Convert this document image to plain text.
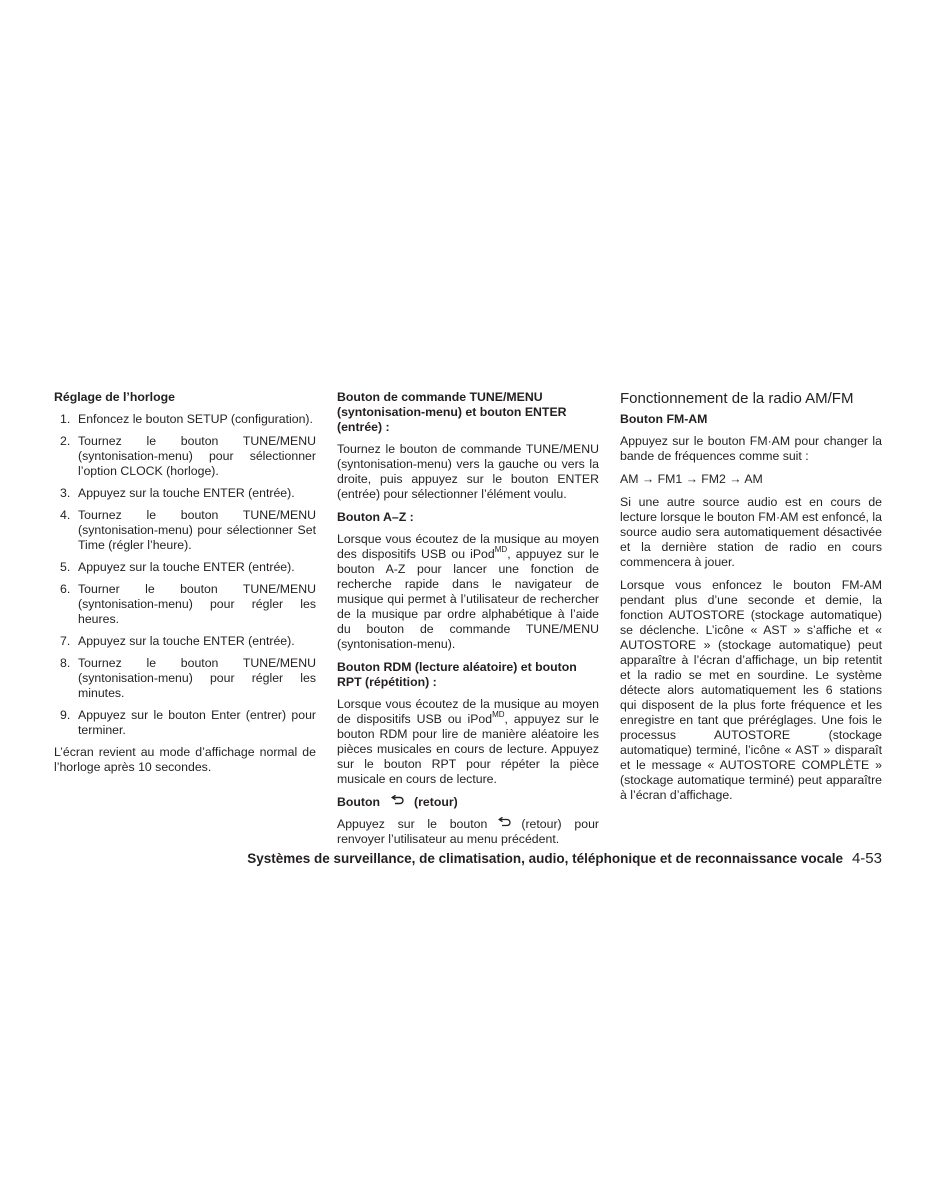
Réglage de l’horloge
1. Enfoncez le bouton SETUP (configuration).
2. Tournez le bouton TUNE/MENU (syntonisation-menu) pour sélectionner l’option CLOCK (horloge).
3. Appuyez sur la touche ENTER (entrée).
4. Tournez le bouton TUNE/MENU (syntonisation-menu) pour sélectionner Set Time (régler l’heure).
5. Appuyez sur la touche ENTER (entrée).
6. Tourner le bouton TUNE/MENU (syntonisation-menu) pour régler les heures.
7. Appuyez sur la touche ENTER (entrée).
8. Tournez le bouton TUNE/MENU (syntonisation-menu) pour régler les minutes.
9. Appuyez sur le bouton Enter (entrer) pour terminer.

L’écran revient au mode d’affichage normal de l’horloge après 10 secondes.

Bouton de commande TUNE/MENU (syntonisation-menu) et bouton ENTER (entrée) :

Tournez le bouton de commande TUNE/MENU (syntonisation-menu) vers la gauche ou vers la droite, puis appuyez sur le bouton ENTER (entrée) pour sélectionner l’élément voulu.

Bouton A–Z :

Lorsque vous écoutez de la musique au moyen des dispositifs USB ou iPod$^{MD}$, appuyez sur le bouton A-Z pour lancer une fonction de recherche rapide dans le navigateur de musique qui permet à l’utilisateur de rechercher de la musique par ordre alphabétique à l’aide du bouton de commande TUNE/MENU (syntonisation-menu).

Bouton RDM (lecture aléatoire) et bouton RPT (répétition) :

Lorsque vous écoutez de la musique au moyen de dispositifs USB ou iPod$^{MD}$, appuyez sur le bouton RDM pour lire de manière aléatoire les pièces musicales en cours de lecture. Appuyez sur le bouton RPT pour répéter la pièce musicale en cours de lecture.

Bouton	(retour)

Appuyez sur le bouton	(retour) pour renvoyer l’utilisateur au menu précédent.

Fonctionnement de la radio AM/FM
Bouton FM-AM

Appuyez sur le bouton FM·AM pour changer la bande de fréquences comme suit :

AM → FM1 → FM2 → AM

Si une autre source audio est en cours de lecture lorsque le bouton FM·AM est enfoncé, la source audio sera automatiquement désactivée et la dernière station de radio en cours commencera à jouer.

Lorsque vous enfoncez le bouton FM-AM pendant plus d’une seconde et demie, la fonction AUTOSTORE (stockage automatique) se déclenche. L’icône « AST » s’affiche et « AUTOSTORE » (stockage automatique) peut apparaître à l’écran d’affichage, un bip retentit et la radio se met en sourdine. Le système détecte alors automatiquement les 6 stations qui disposent de la plus forte fréquence et les enregistre en tant que préréglages. Une fois le processus AUTOSTORE (stockage automatique) terminé, l’icône « AST » disparaît et le message « AUTOSTORE COMPLÈTE » (stockage automatique terminé) peut apparaître à l’écran d’affichage.

Systèmes de surveillance, de climatisation, audio, téléphonique et de reconnaissance vocale 4-53
